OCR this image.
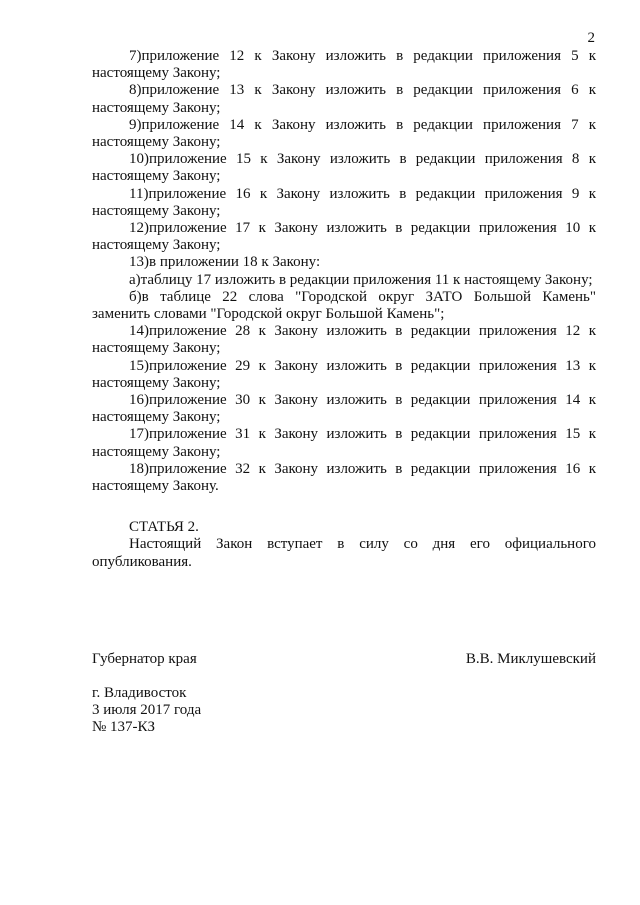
2

7)приложение 12 к Закону изложить в редакции приложения 5 к настоящему Закону;

8)приложение 13 к Закону изложить в редакции приложения 6 к настоящему Закону;

9)приложение 14 к Закону изложить в редакции приложения 7 к настоящему Закону;

10)приложение 15 к Закону изложить в редакции приложения 8 к настоящему Закону;

11)приложение 16 к Закону изложить в редакции приложения 9 к настоящему Закону;

12)приложение 17 к Закону изложить в редакции приложения 10 к настоящему Закону;

13)в приложении 18 к Закону:

а)таблицу 17 изложить в редакции приложения 11 к настоящему Закону;

б)в таблице 22 слова "Городской округ ЗАТО Большой Камень" заменить словами "Городской округ Большой Камень";

14)приложение 28 к Закону изложить в редакции приложения 12 к настоящему Закону;

15)приложение 29 к Закону изложить в редакции приложения 13 к настоящему Закону;

16)приложение 30 к Закону изложить в редакции приложения 14 к настоящему Закону;

17)приложение 31 к Закону изложить в редакции приложения 15 к настоящему Закону;

18)приложение 32 к Закону изложить в редакции приложения 16 к настоящему Закону.

СТАТЬЯ 2.

Настоящий Закон вступает в силу со дня его официального опубликования.

Губернатор края	В.В. Миклушевский
г. Владивосток
3 июля 2017 года
№ 137-КЗ
